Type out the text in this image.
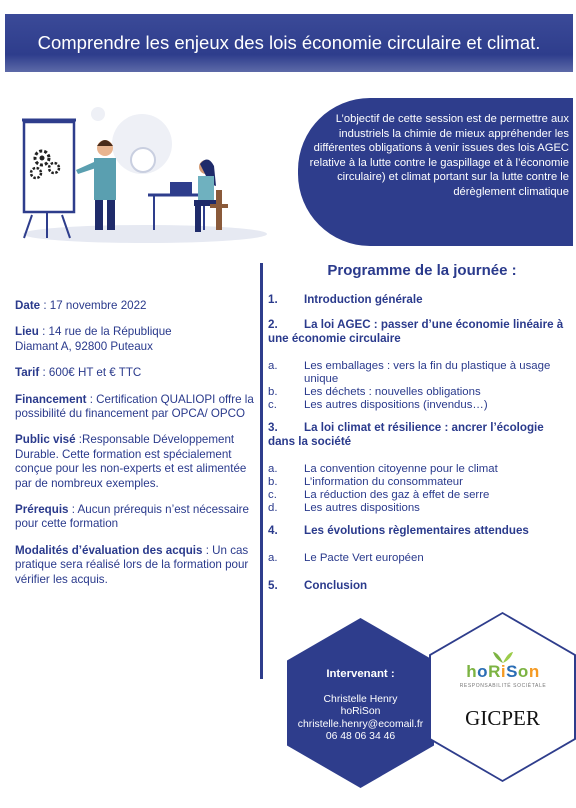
Comprendre les enjeux des lois économie circulaire et climat.

L’objectif de cette session est de permettre aux industriels la chimie de mieux appréhender les différentes obligations à venir issues des lois AGEC relative à la lutte contre le gaspillage et à l’économie circulaire) et climat portant sur la lutte contre le dérèglement climatique

Date : 17 novembre 2022
Lieu : 14 rue de la République
Diamant A, 92800 Puteaux
Tarif : 600€ HT et € TTC
Financement : Certification QUALIOPI offre la possibilité du financement par OPCA/ OPCO
Public visé :Responsable Développement Durable. Cette formation est spécialement conçue pour les non-experts et est alimentée par de nombreux exemples.
Prérequis : Aucun prérequis n’est nécessaire pour cette formation
Modalités d’évaluation des acquis : Un cas pratique sera réalisé lors de la formation pour vérifier les acquis.
Programme de la journée :
1. Introduction générale
2. La loi AGEC : passer d’une économie linéaire à une économie circulaire
a.	Les emballages : vers la fin du plastique à usage unique
b.	Les déchets : nouvelles obligations
c.	Les autres dispositions (invendus…)
3. La loi climat et résilience : ancrer l’écologie dans la société
a.	La convention citoyenne pour le climat
b.	L’information du consommateur
c.	La réduction des gaz à effet de serre
d.	Les autres dispositions
4. Les évolutions règlementaires attendues
a.	Le Pacte Vert européen
5. Conclusion
Intervenant :
Christelle Henry
hoRiSon
christelle.henry@ecomail.fr
06 48 06 34 46
hoRiSon
RESPONSABILITÉ SOCIÉTALE
GICPER
